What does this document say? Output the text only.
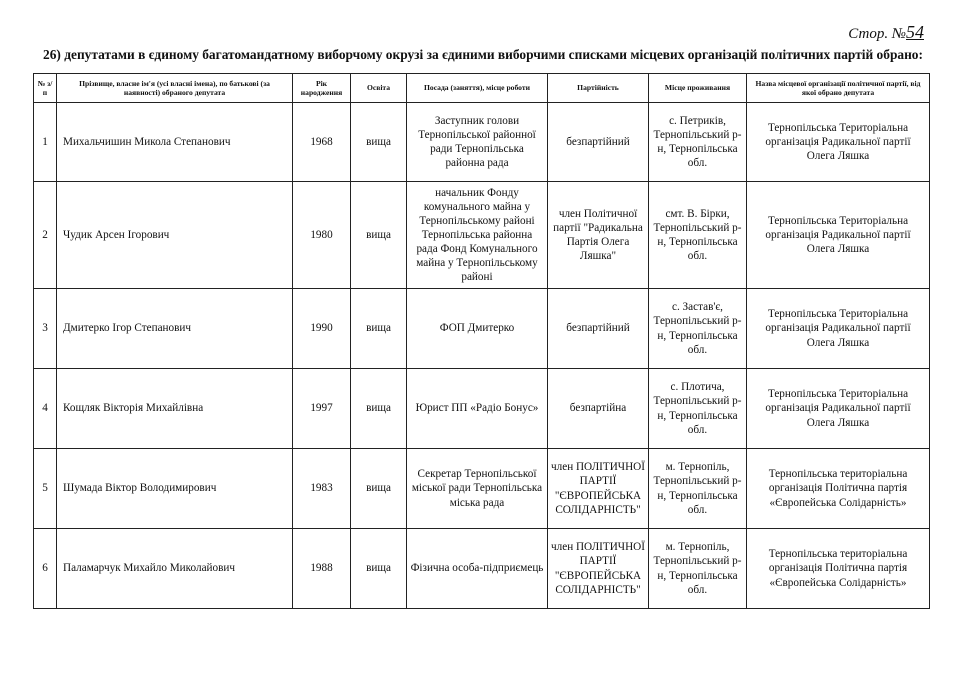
Стор. №54
26) депутатами в єдиному багатомандатному виборчому окрузі за єдиними виборчими списками місцевих організацій політичних партій обрано:
№ з/п	Прізвище, власне ім'я (усі власні імена), по батькові (за наявності) обраного депутата	Рік народження	Освіта	Посада (заняття), місце роботи	Партійність	Місце проживання	Назва місцевої організації політичної партії, від якої обрано депутата
1	Михальчишин Микола Степанович	1968	вища	Заступник голови Тернопільської районної ради Тернопільська районна рада	безпартійний	с. Петриків, Тернопільський р-н, Тернопільська обл.	Тернопільська Територіальна організація Радикальної партії Олега Ляшка
2	Чудик Арсен Ігорович	1980	вища	начальник Фонду комунального майна у Тернопільському районі Тернопільська районна рада Фонд Комунального майна у Тернопільському районі	член Політичної партії "Радикальна Партія Олега Ляшка"	смт. В. Бірки, Тернопільський р-н, Тернопільська обл.	Тернопільська Територіальна організація Радикальної партії Олега Ляшка
3	Дмитерко Ігор Степанович	1990	вища	ФОП Дмитерко	безпартійний	с. Застав'є, Тернопільський р-н, Тернопільська обл.	Тернопільська Територіальна організація Радикальної партії Олега Ляшка
4	Кощляк Вікторія Михайлівна	1997	вища	Юрист ПП «Радіо Бонус»	безпартійна	с. Плотича, Тернопільський р-н, Тернопільська обл.	Тернопільська Територіальна організація Радикальної партії Олега Ляшка
5	Шумада Віктор Володимирович	1983	вища	Секретар Тернопільської міської ради Тернопільська міська рада	член ПОЛІТИЧНОЇ ПАРТІЇ "ЄВРОПЕЙСЬКА СОЛІДАРНІСТЬ"	м. Тернопіль, Тернопільський р-н, Тернопільська обл.	Тернопільська територіальна організація Політична партія «Європейська Солідарність»
6	Паламарчук Михайло Миколайович	1988	вища	Фізична особа-підприємець	член ПОЛІТИЧНОЇ ПАРТІЇ "ЄВРОПЕЙСЬКА СОЛІДАРНІСТЬ"	м. Тернопіль, Тернопільський р-н, Тернопільська обл.	Тернопільська територіальна організація Політична партія «Європейська Солідарність»
